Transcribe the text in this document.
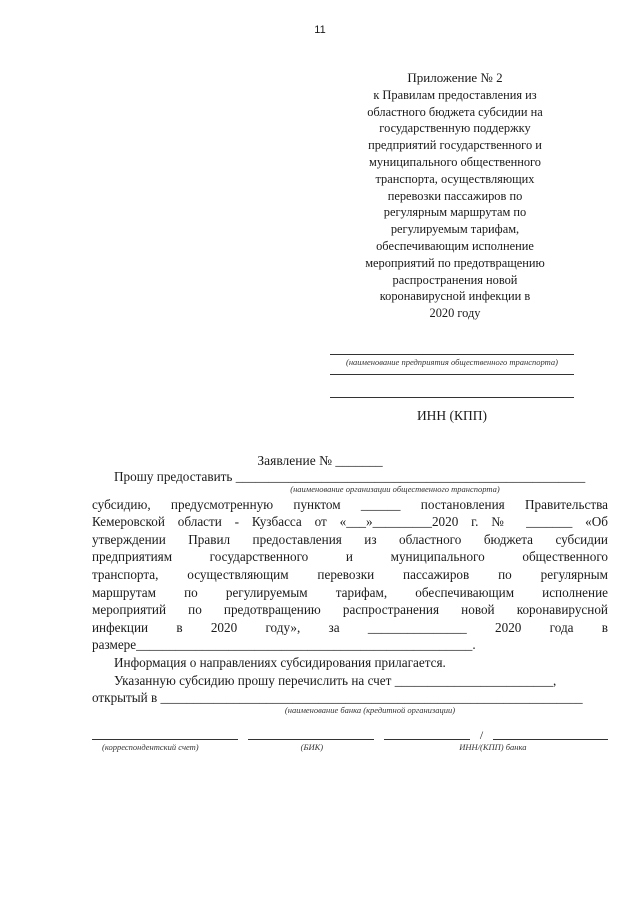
11
Приложение № 2
к Правилам предоставления из
областного бюджета субсидии на
государственную поддержку
предприятий государственного и
муниципального общественного
транспорта, осуществляющих
перевозки пассажиров по
регулярным маршрутам по
регулируемым тарифам,
обеспечивающим исполнение
мероприятий по предотвращению
распространения новой
коронавирусной инфекции в
2020 году
(наименование предприятия общественного транспорта)
ИНН (КПП)
Заявление № _______
Прошу предоставить _____________________________________________________
(наименование организации общественного транспорта)
субсидию, предусмотренную пунктом ______ постановления Правительства
Кемеровской области - Кузбасса от «___»_________2020 г. № _______ «Об
утверждении Правил предоставления из областного бюджета субсидии
предприятиям государственного и муниципального общественного
транспорта, осуществляющим перевозки пассажиров по регулярным
маршрутам по регулируемым тарифам, обеспечивающим исполнение
мероприятий по предотвращению распространения новой коронавирусной
инфекции в 2020 году», за _______________ 2020 года в
размере___________________________________________________.
Информация о направлениях субсидирования прилагается.
Указанную субсидию прошу перечислить на счет ________________________,
открытый в ________________________________________________________________
(наименование банка (кредитной организации)
/
(корреспондентский счет)	(БИК)	ИНН/(КПП) банка
